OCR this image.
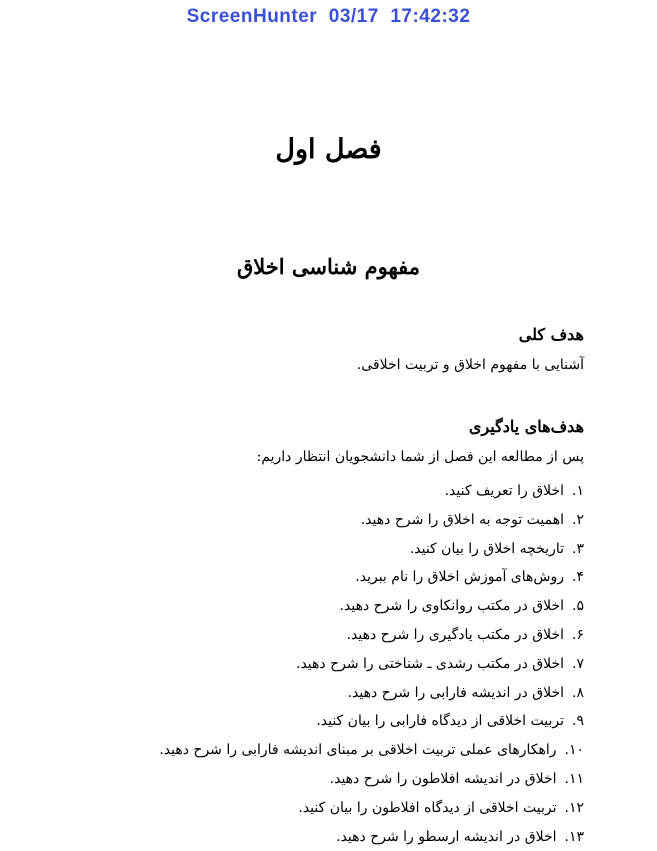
ScreenHunter  03/17  17:42:32
فصل اول
مفهوم شناسی اخلاق
هدف کلی
آشنایی با مفهوم اخلاق و تربیت اخلاقی.
هدف‌های یادگیری
پس از مطالعه این فصل از شما دانشجویان انتظار داریم:
۱.اخلاق را تعریف کنید.
۲.اهمیت توجه به اخلاق را شرح دهید.
۳.تاریخچه اخلاق را بیان کنید.
۴.روش‌های آموزش اخلاق را نام ببرید.
۵.اخلاق در مکتب روانکاوی را شرح دهید.
۶.اخلاق در مکتب یادگیری را شرح دهید.
۷.اخلاق در مکتب رشدی ـ شناختی را شرح دهید.
۸.اخلاق در اندیشه فارابی را شرح دهید.
۹.تربیت اخلاقی از دیدگاه فارابی را بیان کنید.
۱۰.راهکارهای عملی تربیت اخلاقی بر مبنای اندیشه فارابی را شرح دهید.
۱۱.اخلاق در اندیشه افلاطون را شرح دهید.
۱۲.تربیت اخلاقی از دیدگاه افلاطون را بیان کنید.
۱۳.اخلاق در اندیشه ارسطو را شرح دهید.
